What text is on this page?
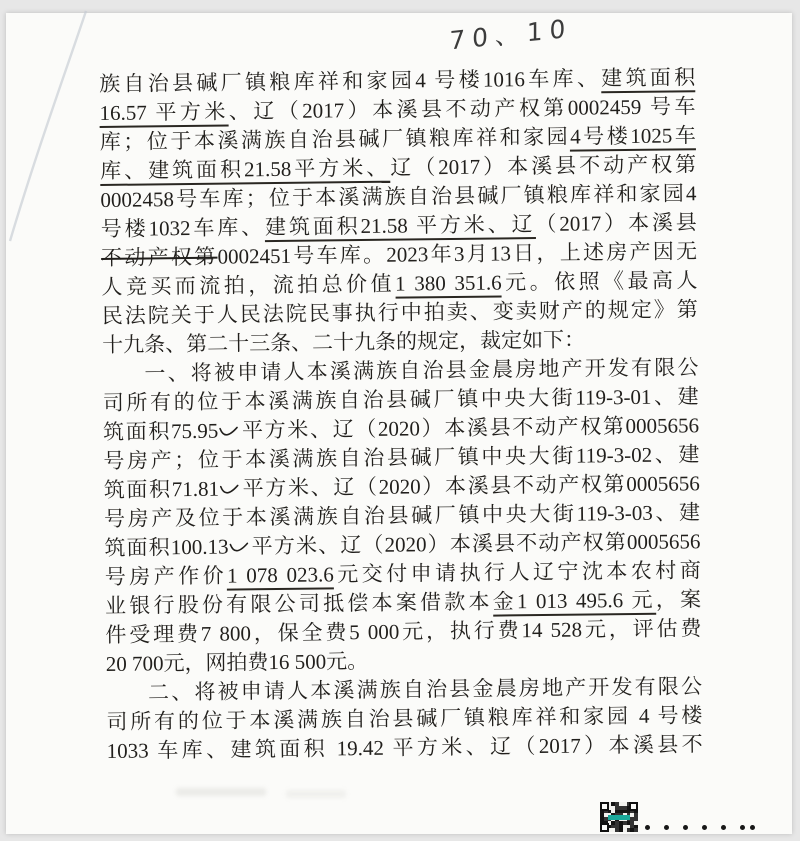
70、10
族自治县碱厂镇粮库祥和家园4 号楼1016车库、建筑面积
16.57 平方米、辽（2017）本溪县不动产权第0002459 号车
库；位于本溪满族自治县碱厂镇粮库祥和家园4号楼1025车
库、建筑面积21.58平方米、辽（2017）本溪县不动产权第
0002458号车库；位于本溪满族自治县碱厂镇粮库祥和家园4
号楼1032车库、建筑面积21.58 平方米、辽（2017）本溪县
不动产权第0002451号车库。2023年3月13日，上述房产因无
人竞买而流拍，流拍总价值1 380 351.6元。依照《最高人
民法院关于人民法院民事执行中拍卖、变卖财产的规定》第
十九条、第二十三条、二十九条的规定，裁定如下：
一、将被申请人本溪满族自治县金晨房地产开发有限公
司所有的位于本溪满族自治县碱厂镇中央大街119-3-01、建
筑面积75.95 平方米、辽（2020）本溪县不动产权第0005656
号房产；位于本溪满族自治县碱厂镇中央大街119-3-02、建
筑面积71.81 平方米、辽（2020）本溪县不动产权第0005656
号房产及位于本溪满族自治县碱厂镇中央大街119-3-03、建
筑面积100.13 平方米、辽（2020）本溪县不动产权第0005656
号房产作价1 078 023.6元交付申请执行人辽宁沈本农村商
业银行股份有限公司抵偿本案借款本金1 013 495.6 元，案
件受理费7 800，保全费5 000元，执行费14 528元，评估费
20 700元，网拍费16 500元。
二、将被申请人本溪满族自治县金晨房地产开发有限公
司所有的位于本溪满族自治县碱厂镇粮库祥和家园 4 号楼
1033 车库、建筑面积 19.42 平方米、辽（2017）本溪县不
